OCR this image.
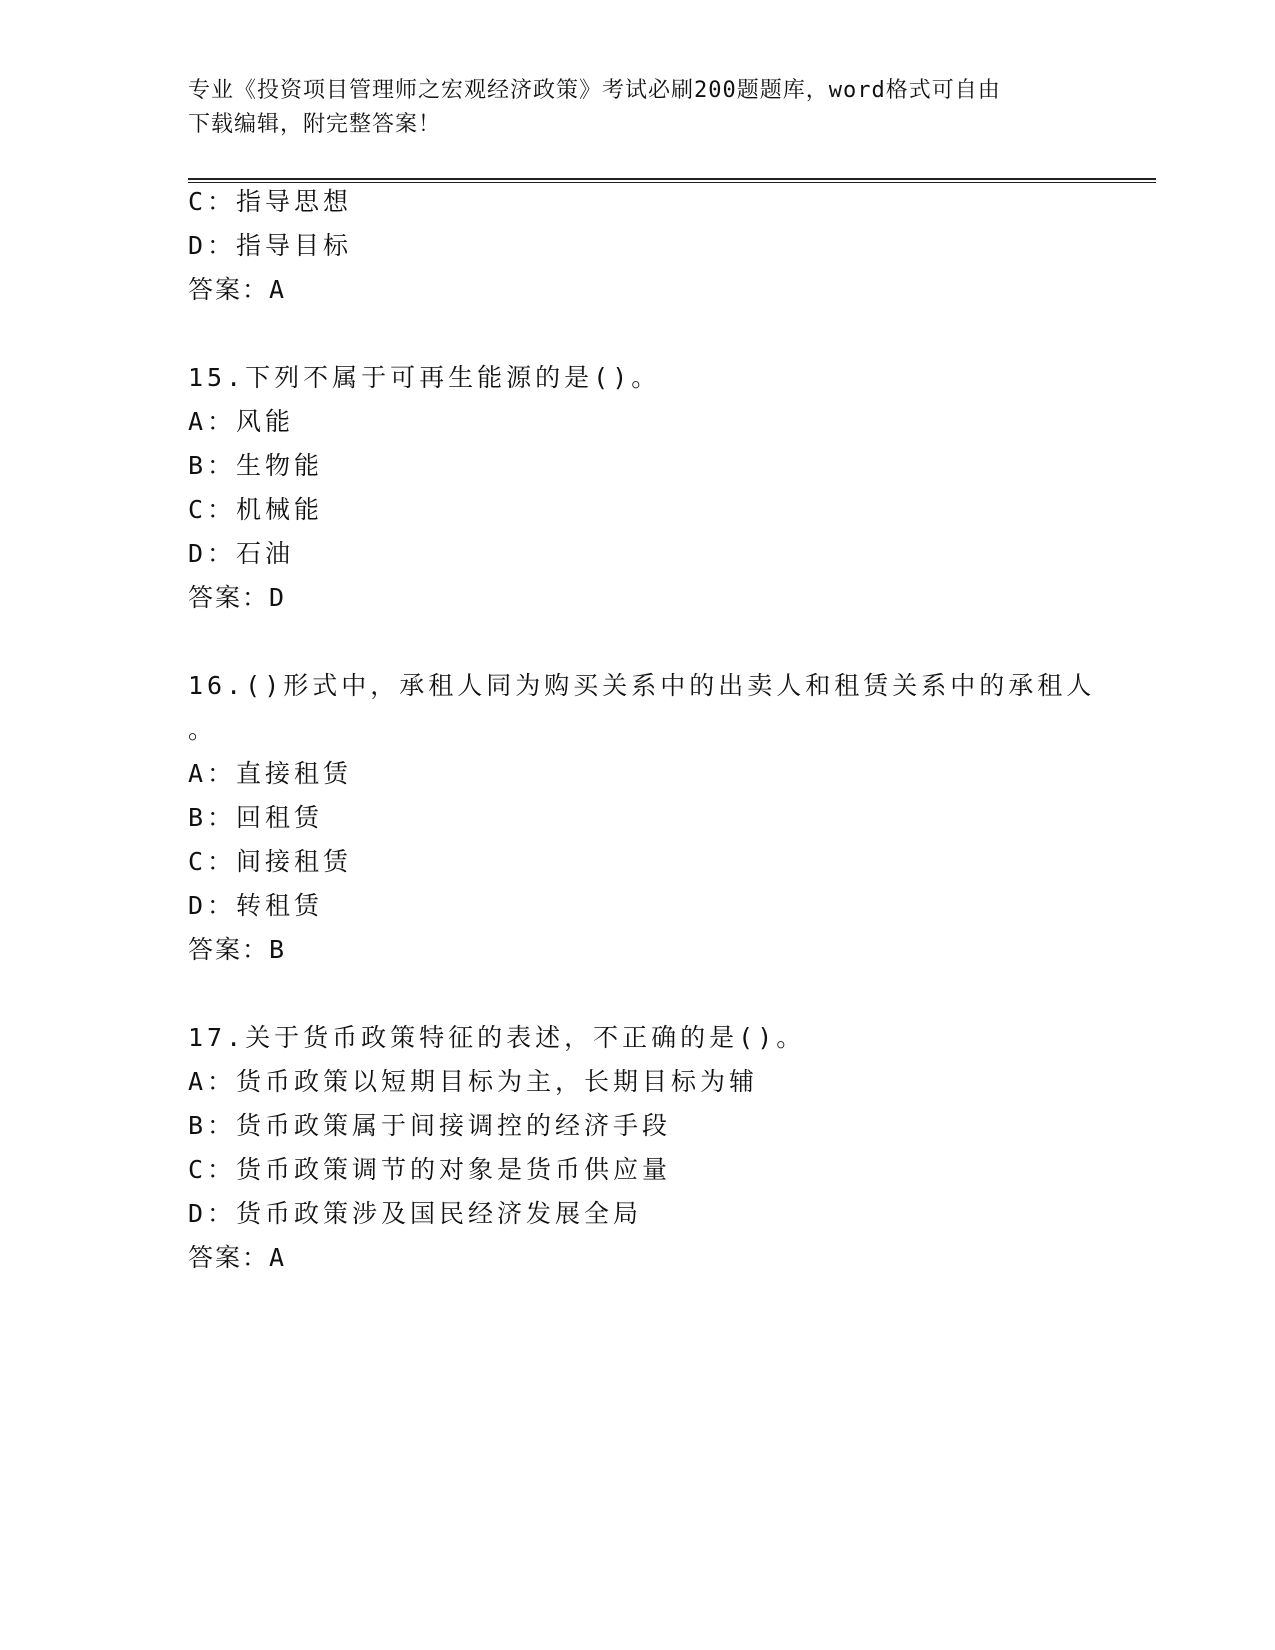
专业《投资项目管理师之宏观经济政策》考试必刷200题题库，word格式可自由
下载编辑，附完整答案！
C：指导思想
D：指导目标
答案：A
15.下列不属于可再生能源的是()。
A：风能
B：生物能
C：机械能
D：石油
答案：D
16.()形式中，承租人同为购买关系中的出卖人和租赁关系中的承租人
。
A：直接租赁
B：回租赁
C：间接租赁
D：转租赁
答案：B
17.关于货币政策特征的表述，不正确的是()。
A：货币政策以短期目标为主，长期目标为辅
B：货币政策属于间接调控的经济手段
C：货币政策调节的对象是货币供应量
D：货币政策涉及国民经济发展全局
答案：A
